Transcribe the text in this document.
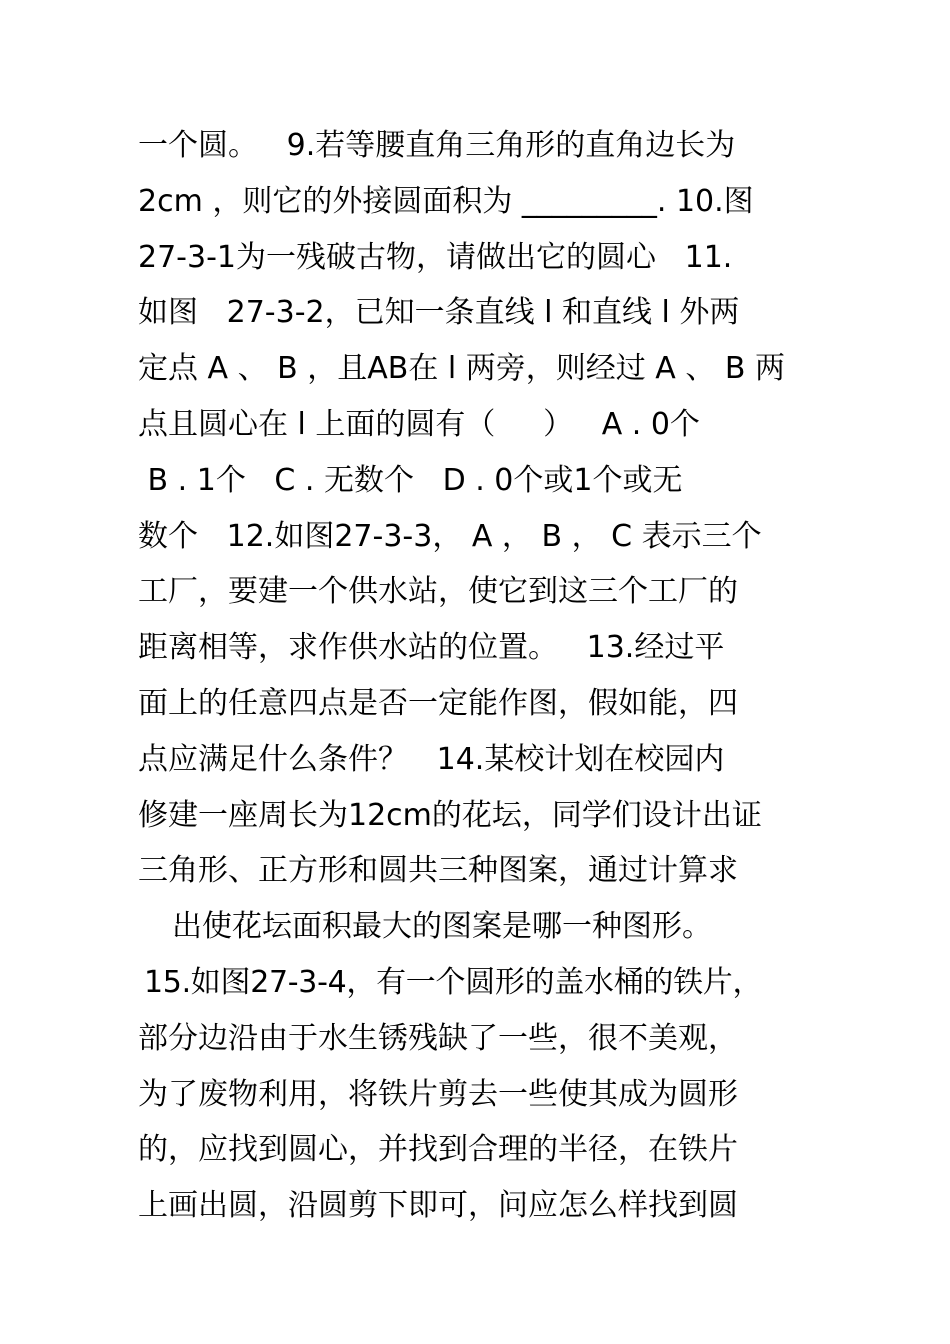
一个圆。   9.若等腰直角三角形的直角边长为
2cm ，则它的外接圆面积为 _________. 10.图
27-3-1为一残破古物，请做出它的圆心   11.
如图   27-3-2，已知一条直线 l 和直线 l 外两
定点 A 、 B ，且AB在 l 两旁，则经过 A 、 B 两
点且圆心在 l 上面的圆有（     ）   A . 0个
B . 1个   C . 无数个   D . 0个或1个或无
数个   12.如图27-3-3， A ， B ， C 表示三个
工厂，要建一个供水站，使它到这三个工厂的
距离相等，求作供水站的位置。   13.经过平
面上的任意四点是否一定能作图，假如能，四
点应满足什么条件？   14.某校计划在校园内
修建一座周长为12cm的花坛，同学们设计出证
三角形、正方形和圆共三种图案，通过计算求
出使花坛面积最大的图案是哪一种图形。
15.如图27-3-4，有一个圆形的盖水桶的铁片，
部分边沿由于水生锈残缺了一些，很不美观，
为了废物利用，将铁片剪去一些使其成为圆形
的，应找到圆心，并找到合理的半径，在铁片
上画出圆，沿圆剪下即可，问应怎么样找到圆
